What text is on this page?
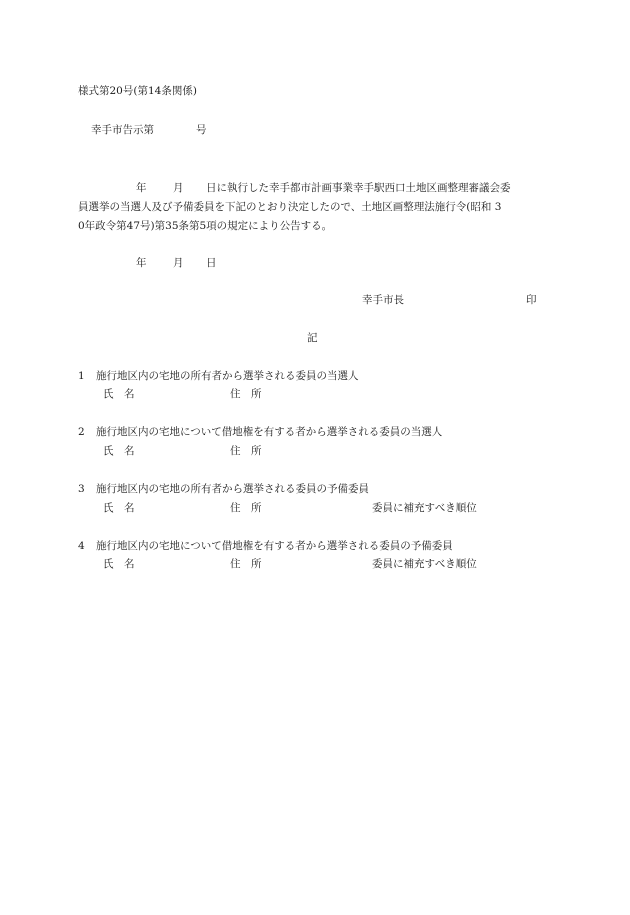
様式第20号(第14条関係)
幸手市告示第	号
年	月 日に執行した幸手都市計画事業幸手駅西口土地区画整理審議会委
員選挙の当選人及び予備委員を下記のとおり決定したので、土地区画整理法施行令(昭和 3
0年政令第47号)第35条第5項の規定により公告する。
年	月 日
幸手市長	印
記
1 施行地区内の宅地の所有者から選挙される委員の当選人
氏　名	住　所
2 施行地区内の宅地について借地権を有する者から選挙される委員の当選人
氏　名	住　所
3 施行地区内の宅地の所有者から選挙される委員の予備委員
氏　名	住　所	委員に補充すべき順位
4 施行地区内の宅地について借地権を有する者から選挙される委員の予備委員
氏　名	住　所	委員に補充すべき順位
